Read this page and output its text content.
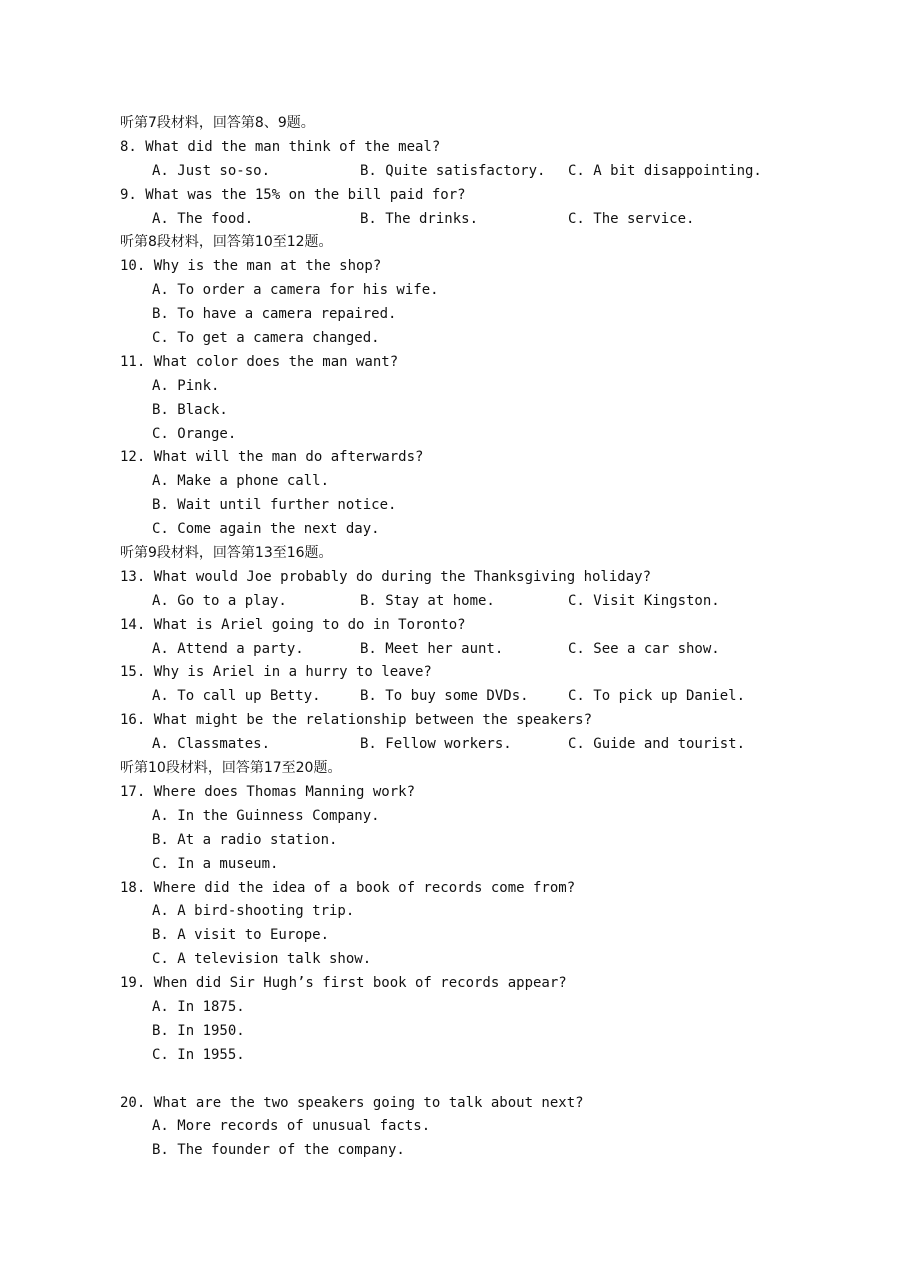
听第7段材料，回答第8、9题。
8. What did the man think of the meal?

A. Just so-so.

	B. Quite satisfactory.

C. A bit disappointing.

9. What was the 15% on the bill paid for?

A. The food.

	B. The drinks.

	C. The service.

听第8段材料，回答第10至12题。
10. Why is the man at the shop?
A. To order a camera for his wife.
B. To have a camera repaired.
C. To get a camera changed.
11. What color does the man want?
A. Pink.
B. Black.
C. Orange.
12. What will the man do afterwards?
A. Make a phone call.
B. Wait until further notice.
C. Come again the next day.
听第9段材料，回答第13至16题。
13. What would Joe probably do during the Thanksgiving holiday?

A. Go to a play.

	B. Stay at home.

	C. Visit Kingston.

14. What is Ariel going to do in Toronto?

A. Attend a party.

	B. Meet her aunt.

	C. See a car show.

15. Why is Ariel in a hurry to leave?

A. To call up Betty.

	B. To buy some DVDs.

	C. To pick up Daniel.

16. What might be the relationship between the speakers?

A. Classmates.

	B. Fellow workers.

	C. Guide and tourist.

听第10段材料，回答第17至20题。
17. Where does Thomas Manning work?
A. In the Guinness Company.
B. At a radio station.
C. In a museum.
18. Where did the idea of a book of records come from?
A. A bird-shooting trip.
B. A visit to Europe.
C. A television talk show.
19. When did Sir Hugh’s first book of records appear?
A. In 1875.
B. In 1950.
C. In 1955.
20. What are the two speakers going to talk about next?
A. More records of unusual facts.
B. The founder of the company.
